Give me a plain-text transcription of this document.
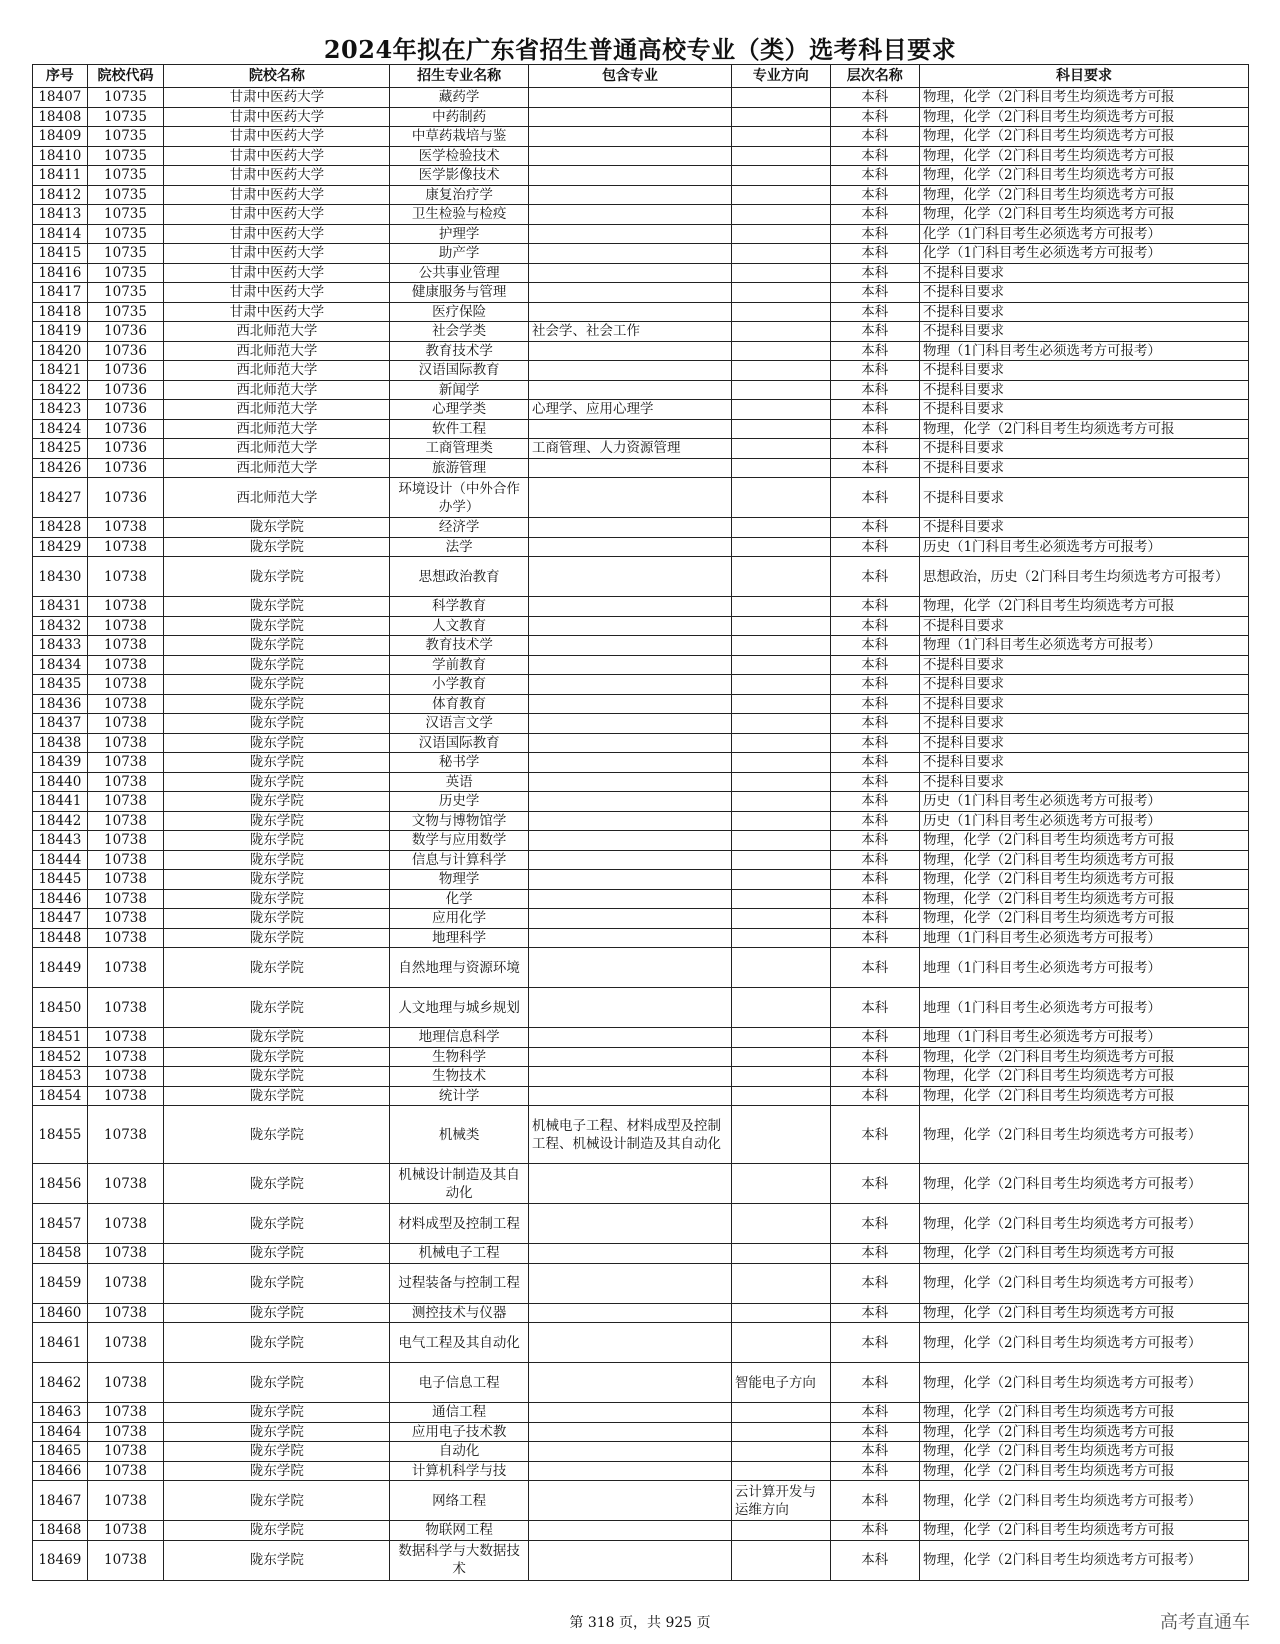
2024年拟在广东省招生普通高校专业（类）选考科目要求
序号	院校代码	院校名称	招生专业名称	包含专业	专业方向	层次名称	科目要求
18407	10735	甘肃中医药大学	藏药学			本科	物理，化学（2门科目考生均须选考方可报
18408	10735	甘肃中医药大学	中药制药			本科	物理，化学（2门科目考生均须选考方可报
18409	10735	甘肃中医药大学	中草药栽培与鉴			本科	物理，化学（2门科目考生均须选考方可报
18410	10735	甘肃中医药大学	医学检验技术			本科	物理，化学（2门科目考生均须选考方可报
18411	10735	甘肃中医药大学	医学影像技术			本科	物理，化学（2门科目考生均须选考方可报
18412	10735	甘肃中医药大学	康复治疗学			本科	物理，化学（2门科目考生均须选考方可报
18413	10735	甘肃中医药大学	卫生检验与检疫			本科	物理，化学（2门科目考生均须选考方可报
18414	10735	甘肃中医药大学	护理学			本科	化学（1门科目考生必须选考方可报考）
18415	10735	甘肃中医药大学	助产学			本科	化学（1门科目考生必须选考方可报考）
18416	10735	甘肃中医药大学	公共事业管理			本科	不提科目要求
18417	10735	甘肃中医药大学	健康服务与管理			本科	不提科目要求
18418	10735	甘肃中医药大学	医疗保险			本科	不提科目要求
18419	10736	西北师范大学	社会学类	社会学、社会工作		本科	不提科目要求
18420	10736	西北师范大学	教育技术学			本科	物理（1门科目考生必须选考方可报考）
18421	10736	西北师范大学	汉语国际教育			本科	不提科目要求
18422	10736	西北师范大学	新闻学			本科	不提科目要求
18423	10736	西北师范大学	心理学类	心理学、应用心理学		本科	不提科目要求
18424	10736	西北师范大学	软件工程			本科	物理，化学（2门科目考生均须选考方可报
18425	10736	西北师范大学	工商管理类	工商管理、人力资源管理		本科	不提科目要求
18426	10736	西北师范大学	旅游管理			本科	不提科目要求
18427	10736	西北师范大学	环境设计（中外合作办学）			本科	不提科目要求
18428	10738	陇东学院	经济学			本科	不提科目要求
18429	10738	陇东学院	法学			本科	历史（1门科目考生必须选考方可报考）
18430	10738	陇东学院	思想政治教育			本科	思想政治，历史（2门科目考生均须选考方可报考）
18431	10738	陇东学院	科学教育			本科	物理，化学（2门科目考生均须选考方可报
18432	10738	陇东学院	人文教育			本科	不提科目要求
18433	10738	陇东学院	教育技术学			本科	物理（1门科目考生必须选考方可报考）
18434	10738	陇东学院	学前教育			本科	不提科目要求
18435	10738	陇东学院	小学教育			本科	不提科目要求
18436	10738	陇东学院	体育教育			本科	不提科目要求
18437	10738	陇东学院	汉语言文学			本科	不提科目要求
18438	10738	陇东学院	汉语国际教育			本科	不提科目要求
18439	10738	陇东学院	秘书学			本科	不提科目要求
18440	10738	陇东学院	英语			本科	不提科目要求
18441	10738	陇东学院	历史学			本科	历史（1门科目考生必须选考方可报考）
18442	10738	陇东学院	文物与博物馆学			本科	历史（1门科目考生必须选考方可报考）
18443	10738	陇东学院	数学与应用数学			本科	物理，化学（2门科目考生均须选考方可报
18444	10738	陇东学院	信息与计算科学			本科	物理，化学（2门科目考生均须选考方可报
18445	10738	陇东学院	物理学			本科	物理，化学（2门科目考生均须选考方可报
18446	10738	陇东学院	化学			本科	物理，化学（2门科目考生均须选考方可报
18447	10738	陇东学院	应用化学			本科	物理，化学（2门科目考生均须选考方可报
18448	10738	陇东学院	地理科学			本科	地理（1门科目考生必须选考方可报考）
18449	10738	陇东学院	自然地理与资源环境			本科	地理（1门科目考生必须选考方可报考）
18450	10738	陇东学院	人文地理与城乡规划			本科	地理（1门科目考生必须选考方可报考）
18451	10738	陇东学院	地理信息科学			本科	地理（1门科目考生必须选考方可报考）
18452	10738	陇东学院	生物科学			本科	物理，化学（2门科目考生均须选考方可报
18453	10738	陇东学院	生物技术			本科	物理，化学（2门科目考生均须选考方可报
18454	10738	陇东学院	统计学			本科	物理，化学（2门科目考生均须选考方可报
18455	10738	陇东学院	机械类	机械电子工程、材料成型及控制工程、机械设计制造及其自动化		本科	物理，化学（2门科目考生均须选考方可报考）
18456	10738	陇东学院	机械设计制造及其自动化			本科	物理，化学（2门科目考生均须选考方可报考）
18457	10738	陇东学院	材料成型及控制工程			本科	物理，化学（2门科目考生均须选考方可报考）
18458	10738	陇东学院	机械电子工程			本科	物理，化学（2门科目考生均须选考方可报
18459	10738	陇东学院	过程装备与控制工程			本科	物理，化学（2门科目考生均须选考方可报考）
18460	10738	陇东学院	测控技术与仪器			本科	物理，化学（2门科目考生均须选考方可报
18461	10738	陇东学院	电气工程及其自动化			本科	物理，化学（2门科目考生均须选考方可报考）
18462	10738	陇东学院	电子信息工程		智能电子方向	本科	物理，化学（2门科目考生均须选考方可报考）
18463	10738	陇东学院	通信工程			本科	物理，化学（2门科目考生均须选考方可报
18464	10738	陇东学院	应用电子技术教			本科	物理，化学（2门科目考生均须选考方可报
18465	10738	陇东学院	自动化			本科	物理，化学（2门科目考生均须选考方可报
18466	10738	陇东学院	计算机科学与技			本科	物理，化学（2门科目考生均须选考方可报
18467	10738	陇东学院	网络工程		云计算开发与运维方向	本科	物理，化学（2门科目考生均须选考方可报考）
18468	10738	陇东学院	物联网工程			本科	物理，化学（2门科目考生均须选考方可报
18469	10738	陇东学院	数据科学与大数据技术			本科	物理，化学（2门科目考生均须选考方可报考）
第 318 页，共 925 页	高考直通车
